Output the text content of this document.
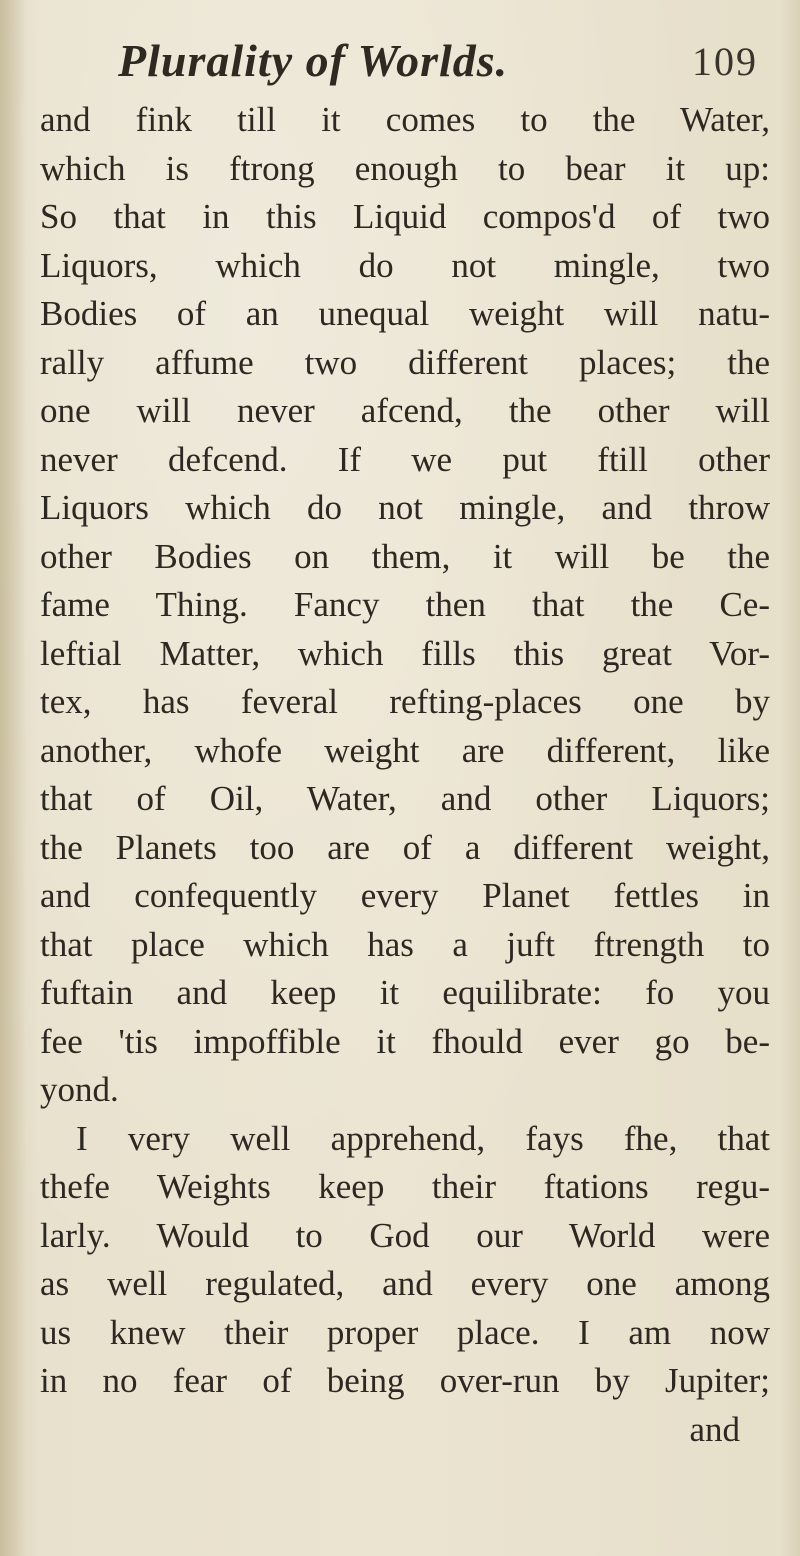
Plurality of Worlds.	109
and fink till it comes to the Water,
which is ftrong enough to bear it up:
So that in this Liquid compos'd of two
Liquors, which do not mingle, two
Bodies of an unequal weight will natu-
rally affume two different places; the
one will never afcend, the other will
never defcend. If we put ftill other
Liquors which do not mingle, and throw
other Bodies on them, it will be the
fame Thing. Fancy then that the Ce-
leftial Matter, which fills this great Vor-
tex, has feveral refting-places one by
another, whofe weight are different, like
that of Oil, Water, and other Liquors;
the Planets too are of a different weight,
and confequently every Planet fettles in
that place which has a juft ftrength to
fuftain and keep it equilibrate: fo you
fee 'tis impoffible it fhould ever go be-
yond.
I very well apprehend, fays fhe, that
thefe Weights keep their ftations regu-
larly. Would to God our World were
as well regulated, and every one among
us knew their proper place. I am now
in no fear of being over-run by Jupiter;
and
